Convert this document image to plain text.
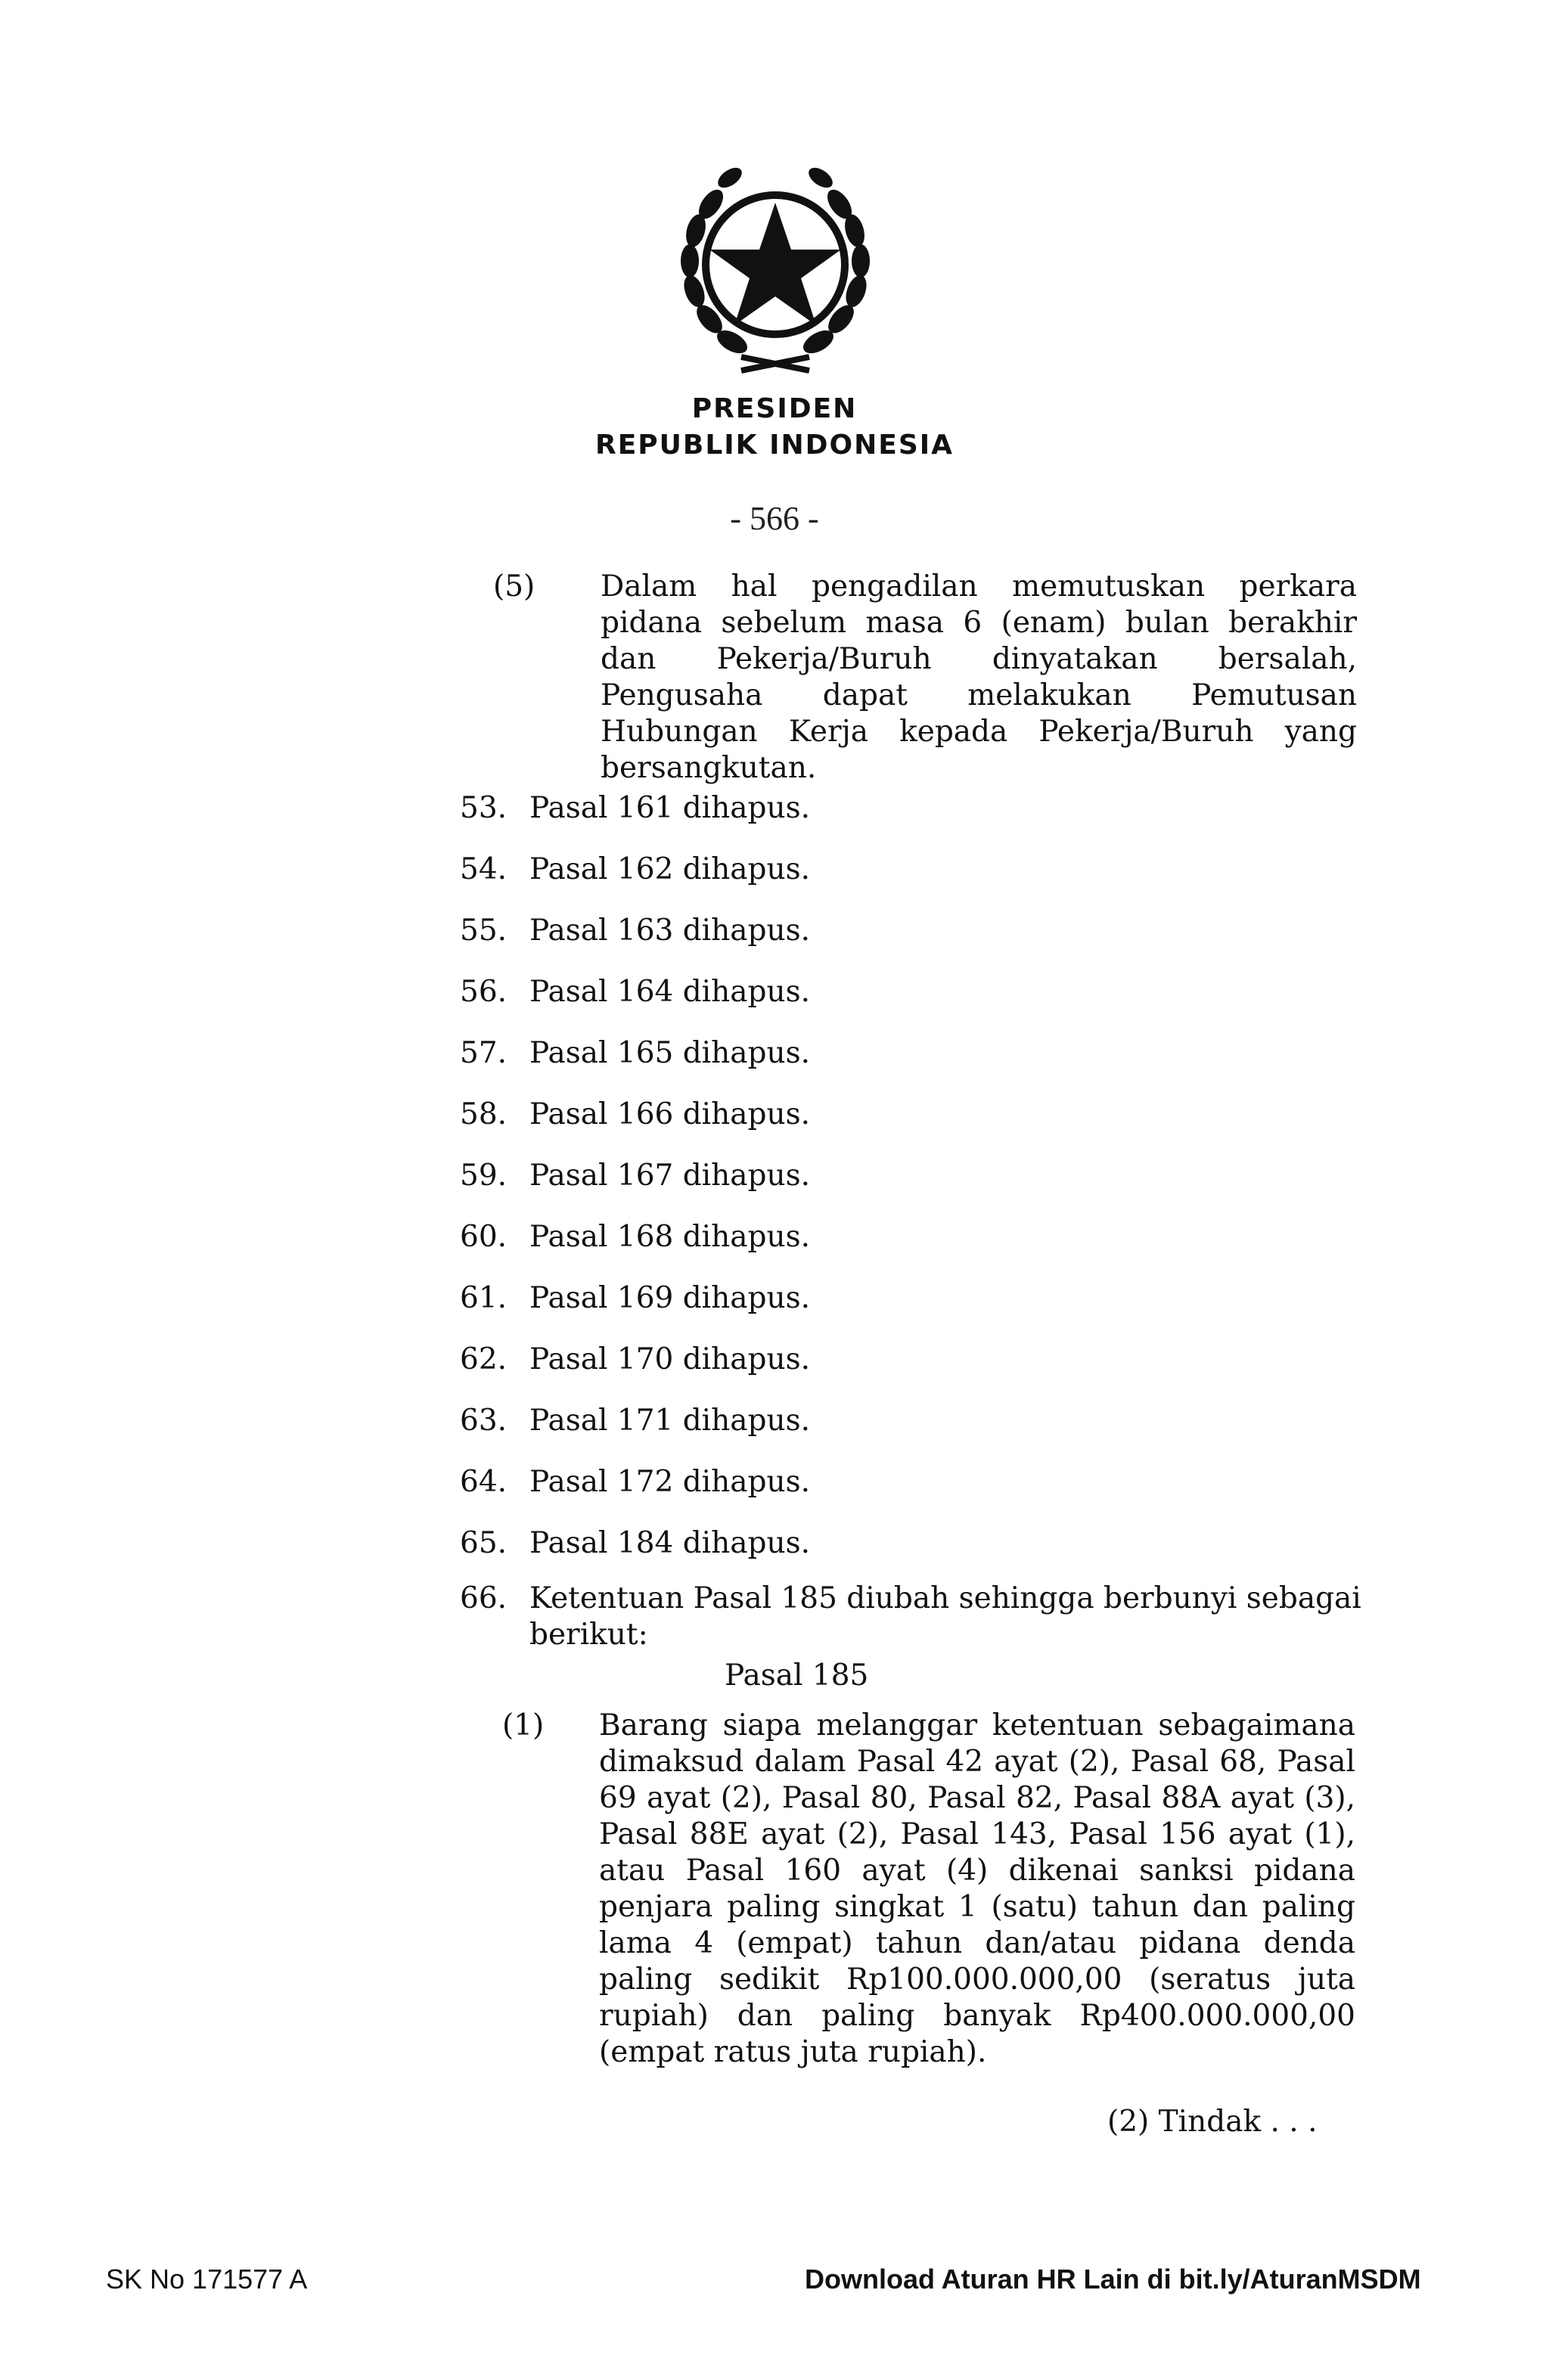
PRESIDEN
REPUBLIK INDONESIA
- 566 -
(5) Dalam hal pengadilan memutuskan perkara pidana sebelum masa 6 (enam) bulan berakhir dan Pekerja/Buruh dinyatakan bersalah, Pengusaha dapat melakukan Pemutusan Hubungan Kerja kepada Pekerja/Buruh yang bersangkutan.
53. Pasal 161 dihapus.
54. Pasal 162 dihapus.
55. Pasal 163 dihapus.
56. Pasal 164 dihapus.
57. Pasal 165 dihapus.
58. Pasal 166 dihapus.
59. Pasal 167 dihapus.
60. Pasal 168 dihapus.
61. Pasal 169 dihapus.
62. Pasal 170 dihapus.
63. Pasal 171 dihapus.
64. Pasal 172 dihapus.
65. Pasal 184 dihapus.
66. Ketentuan Pasal 185 diubah sehingga berbunyi sebagai berikut:
Pasal 185
(1) Barang siapa melanggar ketentuan sebagaimana dimaksud dalam Pasal 42 ayat (2), Pasal 68, Pasal 69 ayat (2), Pasal 80, Pasal 82, Pasal 88A ayat (3), Pasal 88E ayat (2), Pasal 143, Pasal 156 ayat (1), atau Pasal 160 ayat (4) dikenai sanksi pidana penjara paling singkat 1 (satu) tahun dan paling lama 4 (empat) tahun dan/atau pidana denda paling sedikit Rp100.000.000,00 (seratus juta rupiah) dan paling banyak Rp400.000.000,00 (empat ratus juta rupiah).
(2) Tindak . . .
SK No 171577 A	Download Aturan HR Lain di bit.ly/AturanMSDM
